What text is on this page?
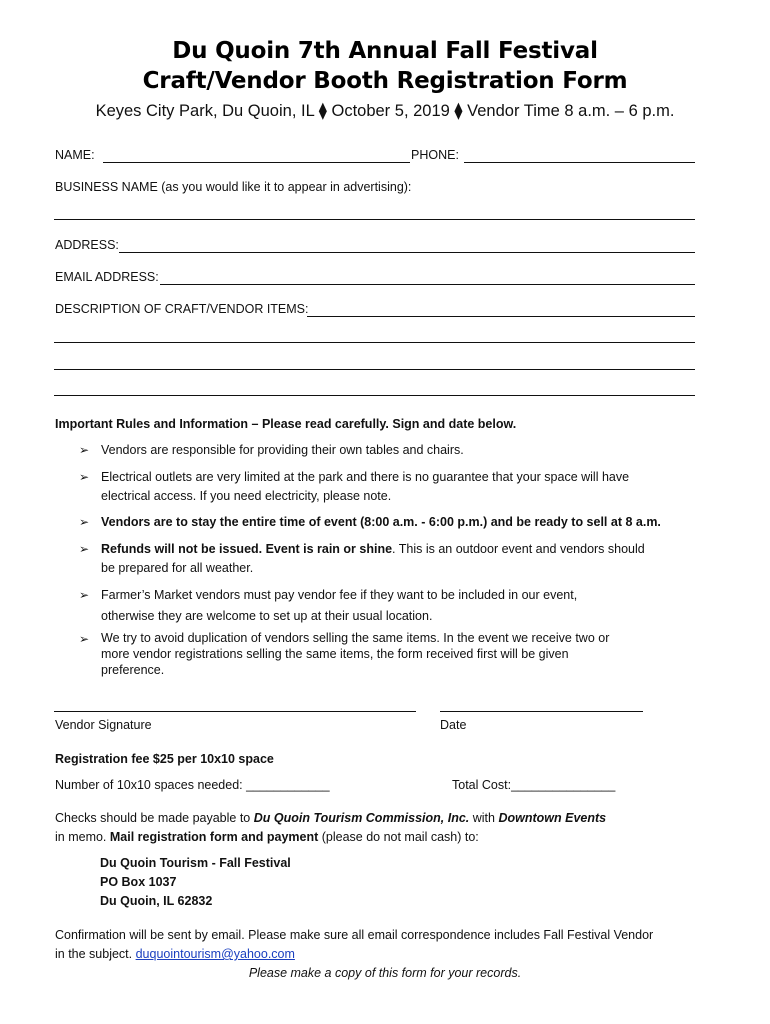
Du Quoin 7th Annual Fall Festival
Craft/Vendor Booth Registration Form
Keyes City Park, Du Quoin, IL ⧫ October 5, 2019 ⧫ Vendor Time 8 a.m. – 6 p.m.
NAME:	PHONE:
BUSINESS NAME (as you would like it to appear in advertising):
ADDRESS:
EMAIL ADDRESS:
DESCRIPTION OF CRAFT/VENDOR ITEMS:
Important Rules and Information – Please read carefully. Sign and date below.
➢ Vendors are responsible for providing their own tables and chairs.
➢ Electrical outlets are very limited at the park and there is no guarantee that your space will have
electrical access. If you need electricity, please note.
➢ Vendors are to stay the entire time of event (8:00 a.m. - 6:00 p.m.) and be ready to sell at 8 a.m.
➢ Refunds will not be issued. Event is rain or shine. This is an outdoor event and vendors should
be prepared for all weather.
➢ Farmer’s Market vendors must pay vendor fee if they want to be included in our event,
otherwise they are welcome to set up at their usual location.
➢ We try to avoid duplication of vendors selling the same items. In the event we receive two or
more vendor registrations selling the same items, the form received first will be given
preference.
Vendor Signature	Date
Registration fee $25 per 10x10 space
Number of 10x10 spaces needed: ____________	Total Cost:_______________
Checks should be made payable to Du Quoin Tourism Commission, Inc. with Downtown Events
in memo. Mail registration form and payment (please do not mail cash) to:
Du Quoin Tourism - Fall Festival
PO Box 1037
Du Quoin, IL 62832
Confirmation will be sent by email. Please make sure all email correspondence includes Fall Festival Vendor
in the subject. duquointourism@yahoo.com
Please make a copy of this form for your records.
